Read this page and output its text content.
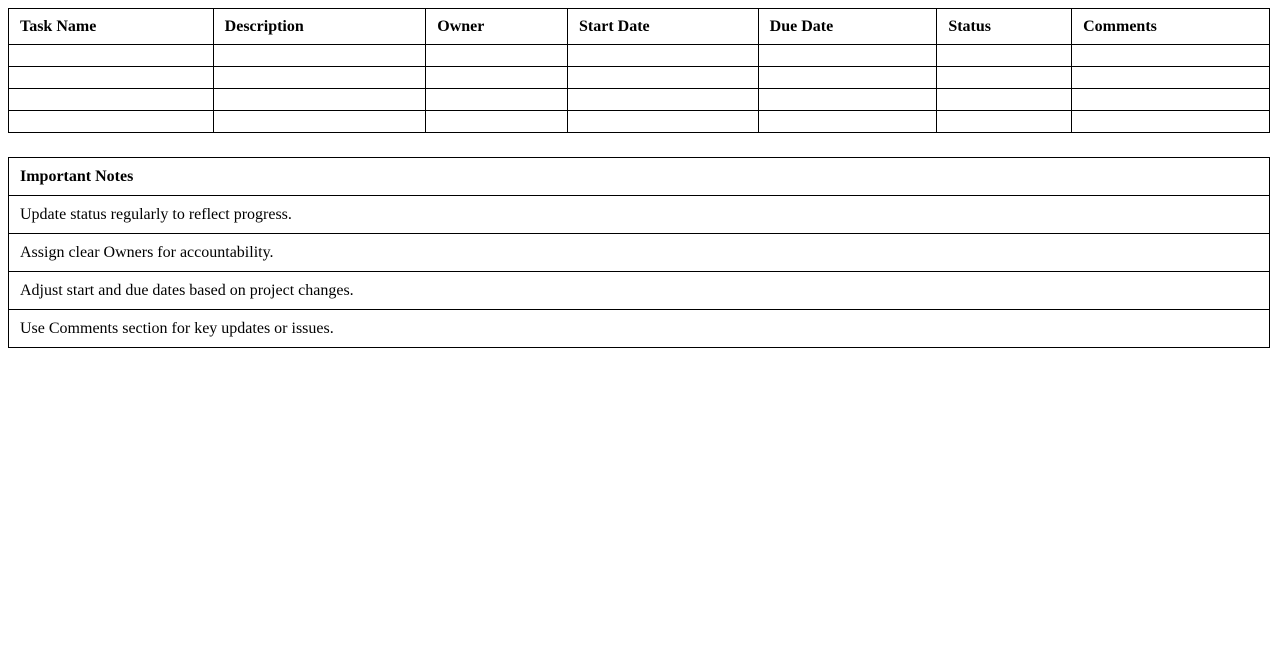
Task Name	Description	Owner	Start Date	Due Date	Status	Comments

Important Notes
Update status regularly to reflect progress.
Assign clear Owners for accountability.
Adjust start and due dates based on project changes.
Use Comments section for key updates or issues.
